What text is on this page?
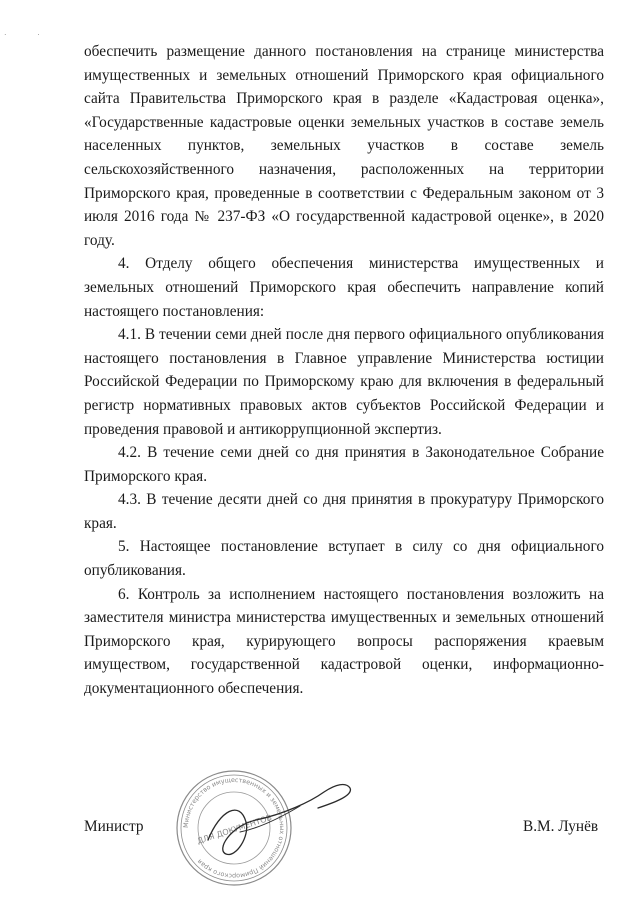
. .

обеспечить размещение данного постановления на странице министерства имущественных и земельных отношений Приморского края официального сайта Правительства Приморского края в разделе «Кадастровая оценка», «Государственные кадастровые оценки земельных участков в составе земель населенных пунктов, земельных участков в составе земель сельскохозяйственного назначения, расположенных на территории Приморского края, проведенные в соответствии с Федеральным законом от 3 июля 2016 года № 237-ФЗ «О государственной кадастровой оценке», в 2020 году.

4. Отделу общего обеспечения министерства имущественных и земельных отношений Приморского края обеспечить направление копий настоящего постановления:

4.1. В течении семи дней после дня первого официального опубликования настоящего постановления в Главное управление Министерства юстиции Российской Федерации по Приморскому краю для включения в федеральный регистр нормативных правовых актов субъектов Российской Федерации и проведения правовой и антикоррупционной экспертиз.

4.2. В течение семи дней со дня принятия в Законодательное Собрание Приморского края.

4.3. В течение десяти дней со дня принятия в прокуратуру Приморского края.

5. Настоящее постановление вступает в силу со дня официального опубликования.

6. Контроль за исполнением настоящего постановления возложить на заместителя министра министерства имущественных и земельных отношений Приморского края, курирующего вопросы распоряжения краевым имуществом, государственной кадастровой оценки, информационно-документационного обеспечения.

Министерство имущественных и земельных отношений Приморского края
ДЛЯ ДОКУМЕНТОВ
Министр	В.М. Лунёв
